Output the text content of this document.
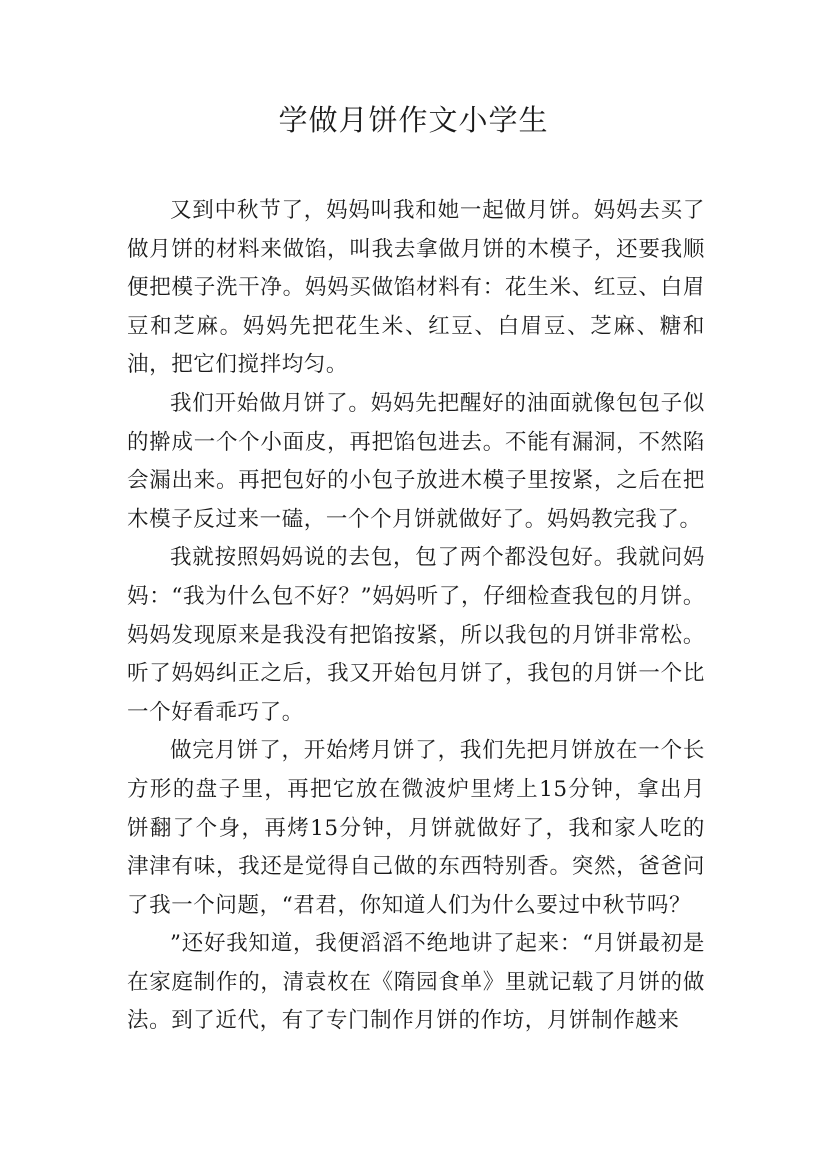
学做月饼作文小学生

又到中秋节了，妈妈叫我和她一起做月饼。妈妈去买了做月饼的材料来做馅，叫我去拿做月饼的木模子，还要我顺便把模子洗干净。妈妈买做馅材料有：花生米、红豆、白眉豆和芝麻。妈妈先把花生米、红豆、白眉豆、芝麻、糖和油，把它们搅拌均匀。

我们开始做月饼了。妈妈先把醒好的油面就像包包子似的擀成一个个小面皮，再把馅包进去。不能有漏洞，不然陷会漏出来。再把包好的小包子放进木模子里按紧，之后在把木模子反过来一磕，一个个月饼就做好了。妈妈教完我了。

我就按照妈妈说的去包，包了两个都没包好。我就问妈妈：“我为什么包不好？”妈妈听了，仔细检查我包的月饼。妈妈发现原来是我没有把馅按紧，所以我包的月饼非常松。听了妈妈纠正之后，我又开始包月饼了，我包的月饼一个比一个好看乖巧了。

做完月饼了，开始烤月饼了，我们先把月饼放在一个长方形的盘子里，再把它放在微波炉里烤上15分钟，拿出月饼翻了个身，再烤15分钟，月饼就做好了，我和家人吃的津津有味，我还是觉得自己做的东西特别香。突然，爸爸问了我一个问题，“君君，你知道人们为什么要过中秋节吗？

”还好我知道，我便滔滔不绝地讲了起来：“月饼最初是在家庭制作的，清袁枚在《隋园食单》里就记载了月饼的做法。到了近代，有了专门制作月饼的作坊，月饼制作越来
